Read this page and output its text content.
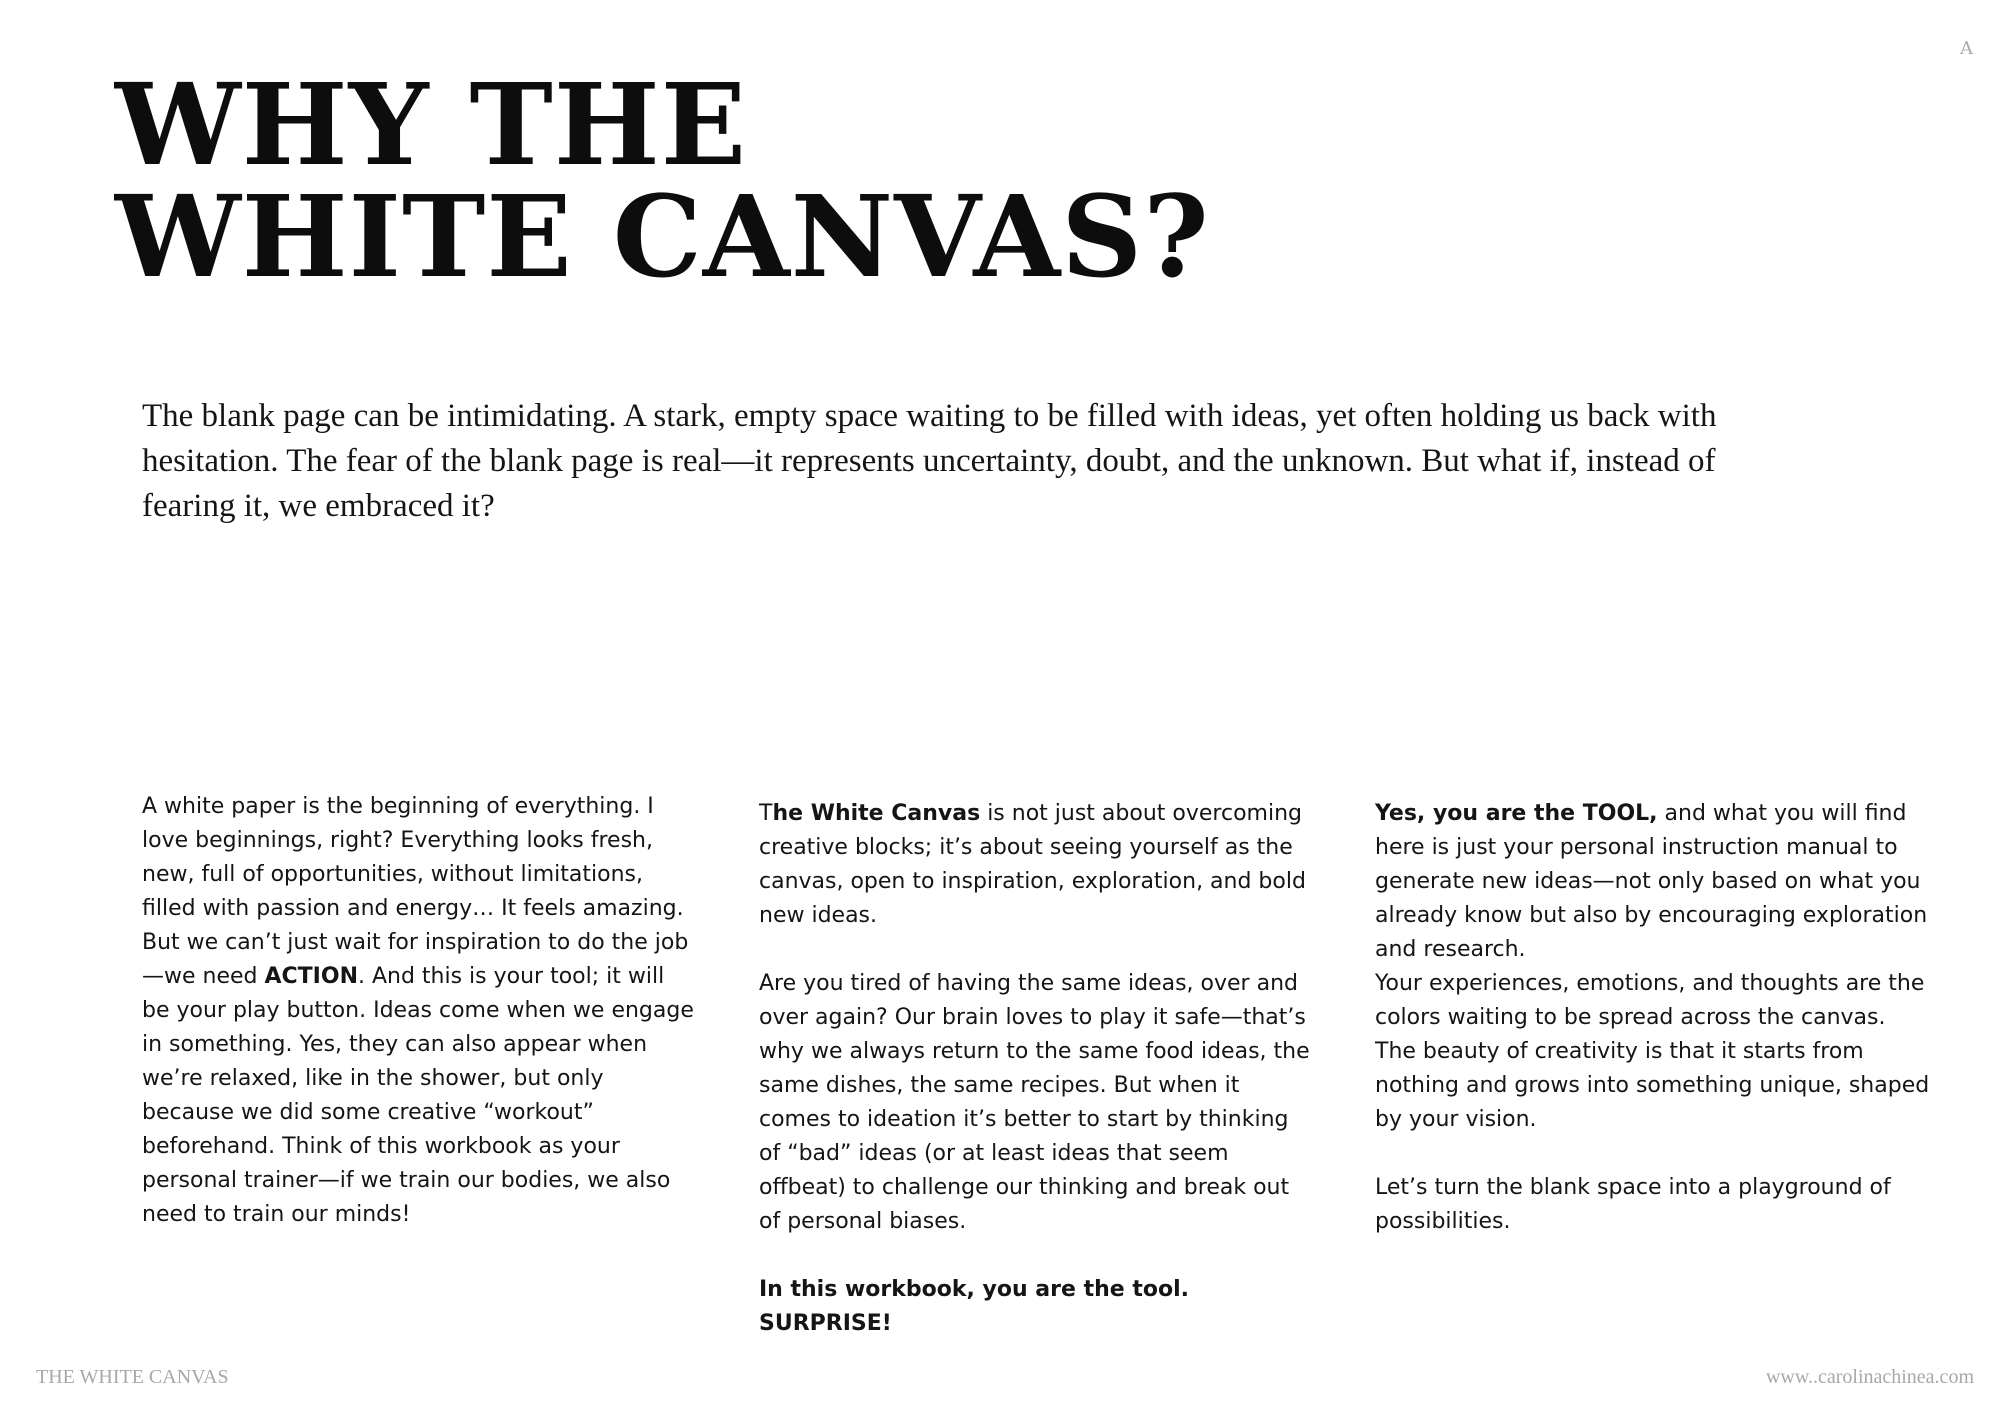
A
WHY THE
WHITE CANVAS?

The blank page can be intimidating. A stark, empty space waiting to be filled with ideas, yet often holding us back with hesitation. The fear of the blank page is real—it represents uncertainty, doubt, and the unknown. But what if, instead of fearing it, we embraced it?

A white paper is the beginning of everything. I love beginnings, right? Everything looks fresh, new, full of opportunities, without limitations, filled with passion and energy… It feels amazing. But we can’t just wait for inspiration to do the job—we need ACTION. And this is your tool; it will be your play button. Ideas come when we engage in something. Yes, they can also appear when we’re relaxed, like in the shower, but only because we did some creative “workout” beforehand. Think of this workbook as your personal trainer—if we train our bodies, we also need to train our minds!

The White Canvas is not just about overcoming creative blocks; it’s about seeing yourself as the canvas, open to inspiration, exploration, and bold new ideas.

Are you tired of having the same ideas, over and over again? Our brain loves to play it safe—that’s why we always return to the same food ideas, the same dishes, the same recipes. But when it comes to ideation it’s better to start by thinking of “bad” ideas (or at least ideas that seem offbeat) to challenge our thinking and break out of personal biases.

In this workbook, you are the tool. SURPRISE!

Yes, you are the TOOL, and what you will find here is just your personal instruction manual to generate new ideas—not only based on what you already know but also by encouraging exploration and research.

Your experiences, emotions, and thoughts are the colors waiting to be spread across the canvas. The beauty of creativity is that it starts from nothing and grows into something unique, shaped by your vision.

Let’s turn the blank space into a playground of possibilities.

THE WHITE CANVAS	www..carolinachinea.com
